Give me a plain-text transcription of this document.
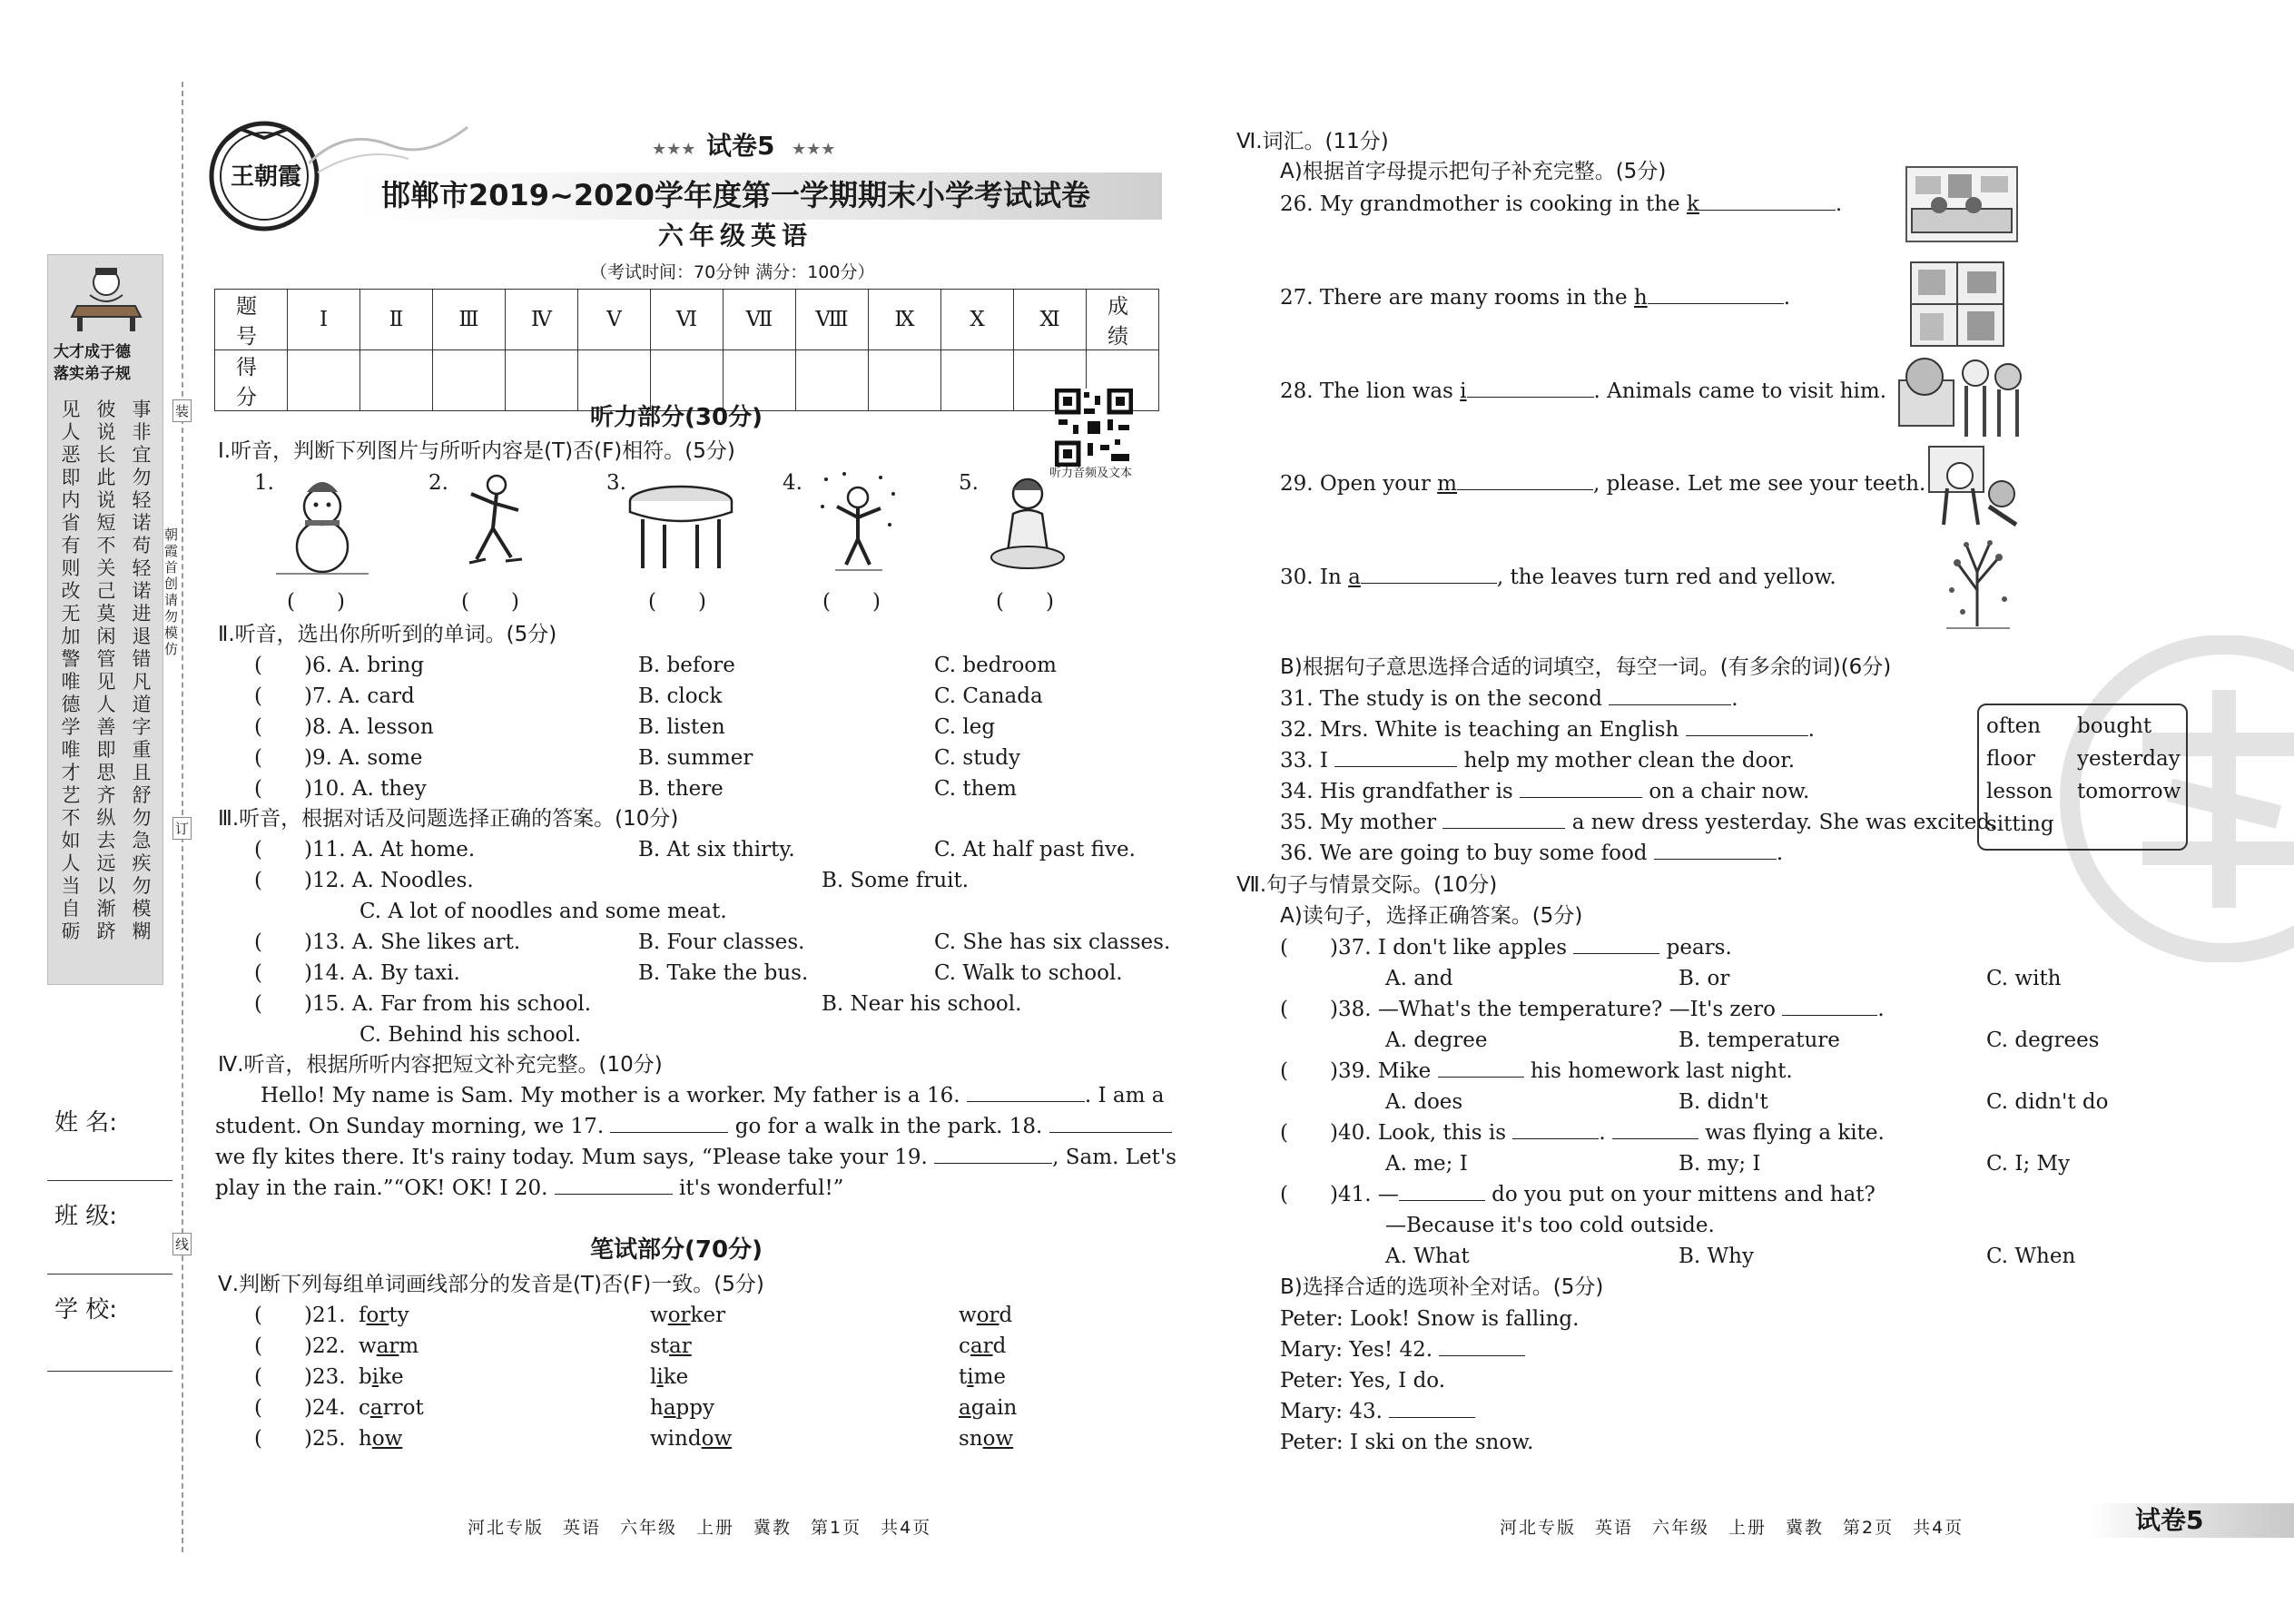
大才成于德
落实弟子规
见人恶即内省有则改无加警唯德学唯才艺不如人当自砺
彼说长此说短不关己莫闲管见人善即思齐纵去远以渐跻
事非宜勿轻诺苟轻诺进退错凡道字重且舒勿急疾勿模糊
装
订
线
朝霞首创 请勿模仿
姓 名:
班 级:
学 校:
王朝霞
★★★ 试卷5 ★★★
邯郸市2019~2020学年度第一学期期末小学考试试卷
六年级英语
（考试时间：70分钟 满分：100分）
题 号	Ⅰ	Ⅱ	Ⅲ	Ⅳ	Ⅴ	Ⅵ	Ⅶ	Ⅷ	Ⅸ	Ⅹ	Ⅺ	成 绩
得 分												
听力部分(30分)
听力音频及文本
Ⅰ.听音，判断下列图片与所听内容是(T)否(F)相符。(5分)
1.	2.	3.	4.	5.
(　　)	(　　)	(　　)	(　　)	(　　)
Ⅱ.听音，选出你所听到的单词。(5分)
(　　)6. A. bring	B. before	C. bedroom
(　　)7. A. card	B. clock	C. Canada
(　　)8. A. lesson	B. listen	C. leg
(　　)9. A. some	B. summer	C. study
(　　)10. A. they	B. there	C. them
Ⅲ.听音，根据对话及问题选择正确的答案。(10分)
(　　)11. A. At home.	B. At six thirty.	C. At half past five.
(　　)12. A. Noodles.	B. Some fruit.
C. A lot of noodles and some meat.
(　　)13. A. She likes art.	B. Four classes.	C. She has six classes.
(　　)14. A. By taxi.	B. Take the bus.	C. Walk to school.
(　　)15. A. Far from his school.	B. Near his school.
C. Behind his school.
Ⅳ.听音，根据所听内容把短文补充完整。(10分)
Hello! My name is Sam. My mother is a worker. My father is a 16.	. I am a
student. On Sunday morning, we 17.	go for a walk in the park. 18.
we fly kites there. It's rainy today. Mum says, “Please take your 19.	, Sam. Let's
play in the rain.”“OK! OK! I 20.	it's wonderful!”
笔试部分(70分)
Ⅴ.判断下列每组单词画线部分的发音是(T)否(F)一致。(5分)
(　　)21. forty	worker	word
(　　)22. warm	star	card
(　　)23. bike	like	time
(　　)24. carrot	happy	again
(　　)25. how	window	snow
Ⅵ.词汇。(11分)
A)根据首字母提示把句子补充完整。(5分)
26. My grandmother is cooking in the k	.
27. There are many rooms in the h	.
28. The lion was i	. Animals came to visit him.
29. Open your m	, please. Let me see your teeth.
30. In a	, the leaves turn red and yellow.
B)根据句子意思选择合适的词填空，每空一词。(有多余的词)(6分)
31. The study is on the second	.
32. Mrs. White is teaching an English	.
33. I	help my mother clean the door.
34. His grandfather is	on a chair now.
35. My mother	a new dress yesterday. She was excited.
36. We are going to buy some food	.
often bought
floor yesterday
lesson tomorrow
sitting
Ⅶ.句子与情景交际。(10分)
A)读句子，选择正确答案。(5分)
(　　)37. I don't like apples	pears.
A. and	B. or	C. with
(　　)38. —What's the temperature? —It's zero	.
A. degree	B. temperature	C. degrees
(　　)39. Mike	his homework last night.
A. does	B. didn't	C. didn't do
(　　)40. Look, this is	.	was flying a kite.
A. me; I	B. my; I	C. I; My
(　　)41. —	do you put on your mittens and hat?
—Because it's too cold outside.
A. What	B. Why	C. When
B)选择合适的选项补全对话。(5分)
Peter: Look! Snow is falling.
Mary: Yes! 42.
Peter: Yes, I do.
Mary: 43.
Peter: I ski on the snow.
河北专版　英语　六年级　上册　冀教　第1页　共4页	河北专版　英语　六年级　上册　冀教　第2页　共4页	试卷5
